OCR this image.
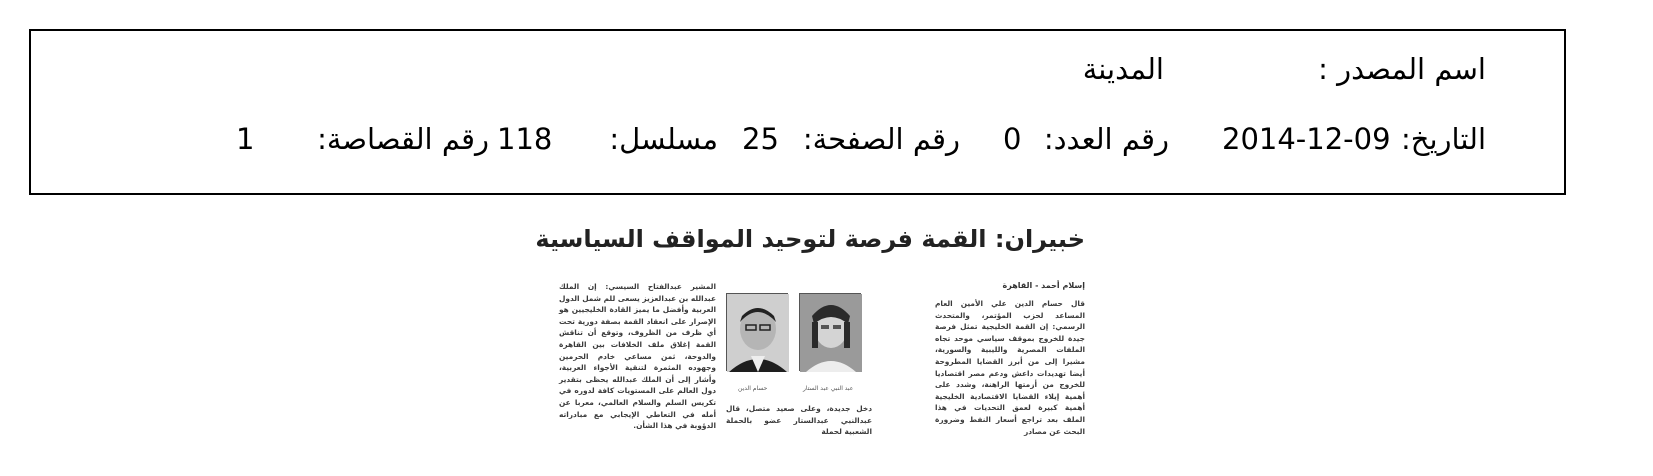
اسم المصدر :
المدينة
التاريخ:
2014-12-09
رقم العدد:
0
رقم الصفحة:
25
مسلسل:
118
رقم القصاصة:
1
خبيران: القمة فرصة لتوحيد المواقف السياسية
إسلام أحمد - القاهرة
قال حسام الدين علي الأمين العام المساعد لحزب المؤتمر، والمتحدث الرسمي: إن القمة الخليجية تمثل فرصة جيدة للخروج بموقف سياسي موحد تجاه الملفات المصرية والليبية والسورية، مشيرا إلى من أبرز القضايا المطروحة أيضا تهديدات داعش ودعم مصر اقتصاديا للخروج من أزمتها الراهنة، وشدد على أهمية إيلاء القضايا الاقتصادية الخليجية أهمية كبيرة لعمق التحديات في هذا الملف بعد تراجع أسعار النفط وضرورة البحث عن مصادر
عبد النبي عبد الستار
حسام الدين
دخل جديدة، وعلى صعيد متصل، قال عبدالنبي عبدالستار عضو بالحملة الشعبية لحملة
المشير عبدالفتاح السيسي: إن الملك عبدالله بن عبدالعزيز يسعى للم شمل الدول العربية وأفضل ما يميز القادة الخليجيين هو الإصرار على انعقاد القمة بصفة دورية تحت أي ظرف من الظروف، وتوقع أن تناقش القمة إغلاق ملف الخلافات بين القاهرة والدوحة، ثمن مساعي خادم الحرمين وجهوده المثمرة لتنقية الأجواء العربية، وأشار إلى أن الملك عبدالله يحظى بتقدير دول العالم على المستويات كافة لدوره في تكريس السلم والسلام العالمي، معربا عن أمله في التعاطي الإيجابي مع مبادراته الدؤوبة في هذا الشأن.
